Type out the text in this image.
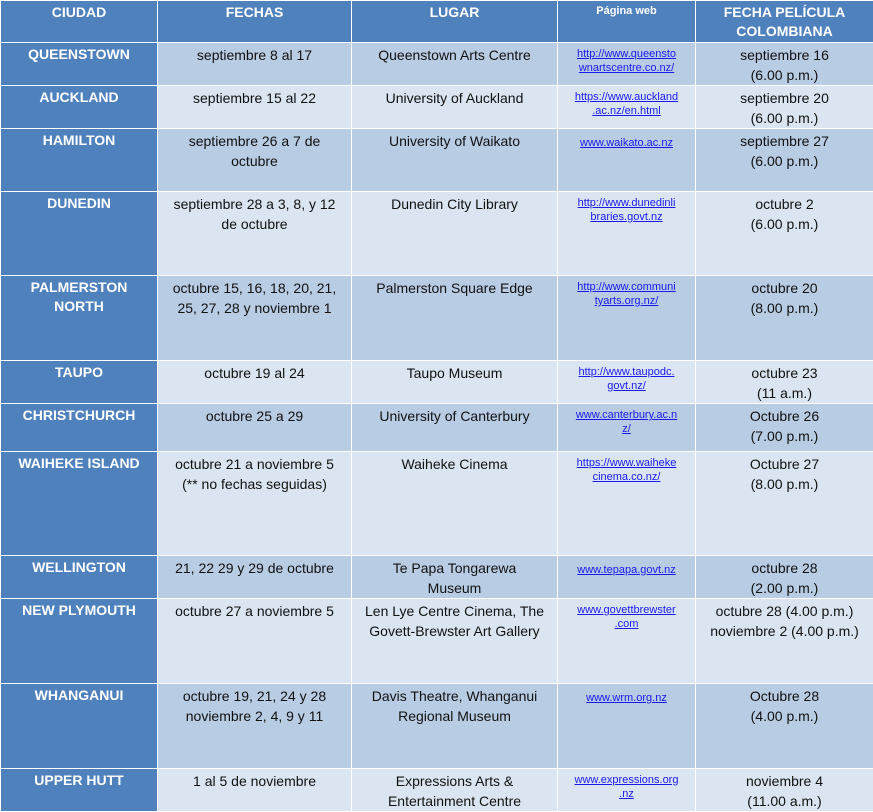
CIUDAD	FECHAS	LUGAR	Página web	FECHA PELÍCULA
COLOMBIANA
QUEENSTOWN	septiembre 8 al 17	Queenstown Arts Centre	http://www.queensto
wnartscentre.co.nz/	septiembre 16
(6.00 p.m.)
AUCKLAND	septiembre 15 al 22	University of Auckland	https://www.auckland
.ac.nz/en.html	septiembre 20
(6.00 p.m.)
HAMILTON	septiembre 26 a 7 de
octubre	University of Waikato	www.waikato.ac.nz	septiembre 27
(6.00 p.m.)
DUNEDIN	septiembre 28 a 3, 8, y 12
de octubre	Dunedin City Library	http://www.dunedinli
braries.govt.nz	octubre 2
(6.00 p.m.)
PALMERSTON
NORTH	octubre 15, 16, 18, 20, 21,
25, 27, 28 y noviembre 1	Palmerston Square Edge	http://www.communi
tyarts.org.nz/	octubre 20
(8.00 p.m.)
TAUPO	octubre 19 al 24	Taupo Museum	http://www.taupodc.
govt.nz/	octubre 23
(11 a.m.)
CHRISTCHURCH	octubre 25 a 29	University of Canterbury	www.canterbury.ac.n
z/	Octubre 26
(7.00 p.m.)
WAIHEKE ISLAND	octubre 21 a noviembre 5
(** no fechas seguidas)	Waiheke Cinema	https://www.waiheke
cinema.co.nz/	Octubre 27
(8.00 p.m.)
WELLINGTON	21, 22 29 y 29 de octubre	Te Papa Tongarewa
Museum	www.tepapa.govt.nz	octubre 28
(2.00 p.m.)
NEW PLYMOUTH	octubre 27 a noviembre 5	Len Lye Centre Cinema, The
Govett-Brewster Art Gallery	www.govettbrewster
.com	octubre 28 (4.00 p.m.)
noviembre 2 (4.00 p.m.)
WHANGANUI	octubre 19, 21, 24 y 28
noviembre 2, 4, 9 y 11	Davis Theatre, Whanganui
Regional Museum	www.wrm.org.nz	Octubre 28
(4.00 p.m.)
UPPER HUTT	1 al 5 de noviembre	Expressions Arts &
Entertainment Centre	www.expressions.org
.nz	noviembre 4
(11.00 a.m.)
